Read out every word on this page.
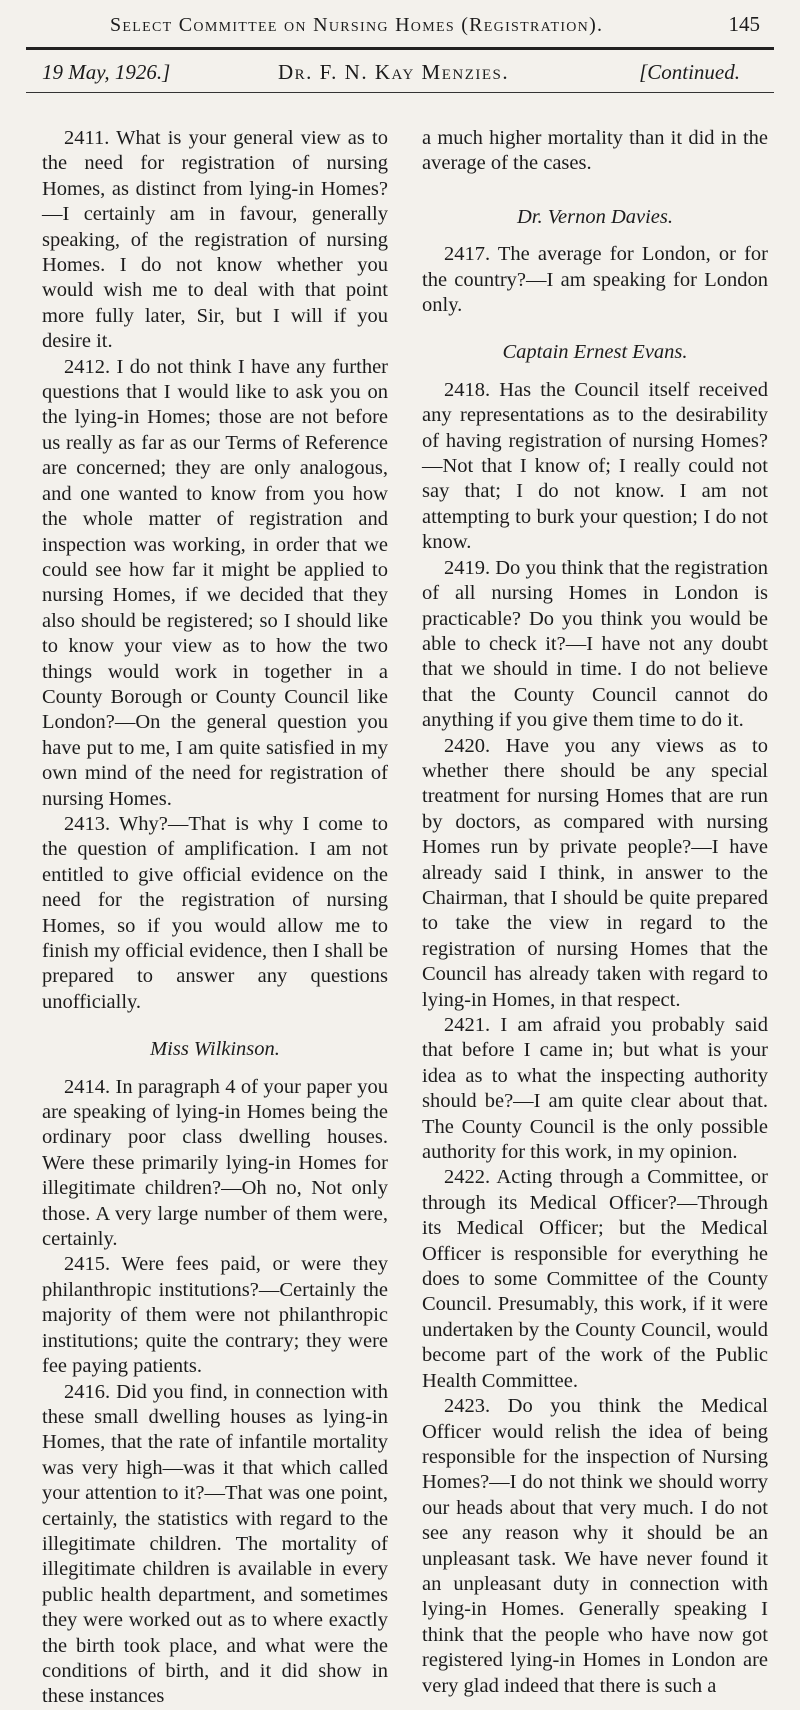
Select Committee on Nursing Homes (Registration).	145
19 May, 1926.]	Dr. F. N. Kay Menzies.	[Continued.

2411. What is your general view as to the need for registration of nursing Homes, as distinct from lying-in Homes?—I certainly am in favour, generally speaking, of the registration of nursing Homes. I do not know whether you would wish me to deal with that point more fully later, Sir, but I will if you desire it.

2412. I do not think I have any further questions that I would like to ask you on the lying-in Homes; those are not before us really as far as our Terms of Reference are concerned; they are only analogous, and one wanted to know from you how the whole matter of registration and inspection was working, in order that we could see how far it might be applied to nursing Homes, if we decided that they also should be registered; so I should like to know your view as to how the two things would work in together in a County Borough or County Council like London?—On the general question you have put to me, I am quite satisfied in my own mind of the need for registration of nursing Homes.

2413. Why?—That is why I come to the question of amplification. I am not entitled to give official evidence on the need for the registration of nursing Homes, so if you would allow me to finish my official evidence, then I shall be prepared to answer any questions unofficially.

Miss Wilkinson.

2414. In paragraph 4 of your paper you are speaking of lying-in Homes being the ordinary poor class dwelling houses. Were these primarily lying-in Homes for illegitimate children?—Oh no, Not only those. A very large number of them were, certainly.

2415. Were fees paid, or were they philanthropic institutions?—Certainly the majority of them were not philanthropic institutions; quite the contrary; they were fee paying patients.

2416. Did you find, in connection with these small dwelling houses as lying-in Homes, that the rate of infantile mortality was very high—was it that which called your attention to it?—That was one point, certainly, the statistics with regard to the illegitimate children. The mortality of illegitimate children is available in every public health department, and sometimes they were worked out as to where exactly the birth took place, and what were the conditions of birth, and it did show in these instances

a much higher mortality than it did in the average of the cases.

Dr. Vernon Davies.

2417. The average for London, or for the country?—I am speaking for London only.

Captain Ernest Evans.

2418. Has the Council itself received any representations as to the desirability of having registration of nursing Homes?—Not that I know of; I really could not say that; I do not know. I am not attempting to burk your question; I do not know.

2419. Do you think that the registration of all nursing Homes in London is practicable? Do you think you would be able to check it?—I have not any doubt that we should in time. I do not believe that the County Council cannot do anything if you give them time to do it.

2420. Have you any views as to whether there should be any special treatment for nursing Homes that are run by doctors, as compared with nursing Homes run by private people?—I have already said I think, in answer to the Chairman, that I should be quite prepared to take the view in regard to the registration of nursing Homes that the Council has already taken with regard to lying-in Homes, in that respect.

2421. I am afraid you probably said that before I came in; but what is your idea as to what the inspecting authority should be?—I am quite clear about that. The County Council is the only possible authority for this work, in my opinion.

2422. Acting through a Committee, or through its Medical Officer?—Through its Medical Officer; but the Medical Officer is responsible for everything he does to some Committee of the County Council. Presumably, this work, if it were undertaken by the County Council, would become part of the work of the Public Health Committee.

2423. Do you think the Medical Officer would relish the idea of being responsible for the inspection of Nursing Homes?—I do not think we should worry our heads about that very much. I do not see any reason why it should be an unpleasant task. We have never found it an unpleasant duty in connection with lying-in Homes. Generally speaking I think that the people who have now got registered lying-in Homes in London are very glad indeed that there is such a
